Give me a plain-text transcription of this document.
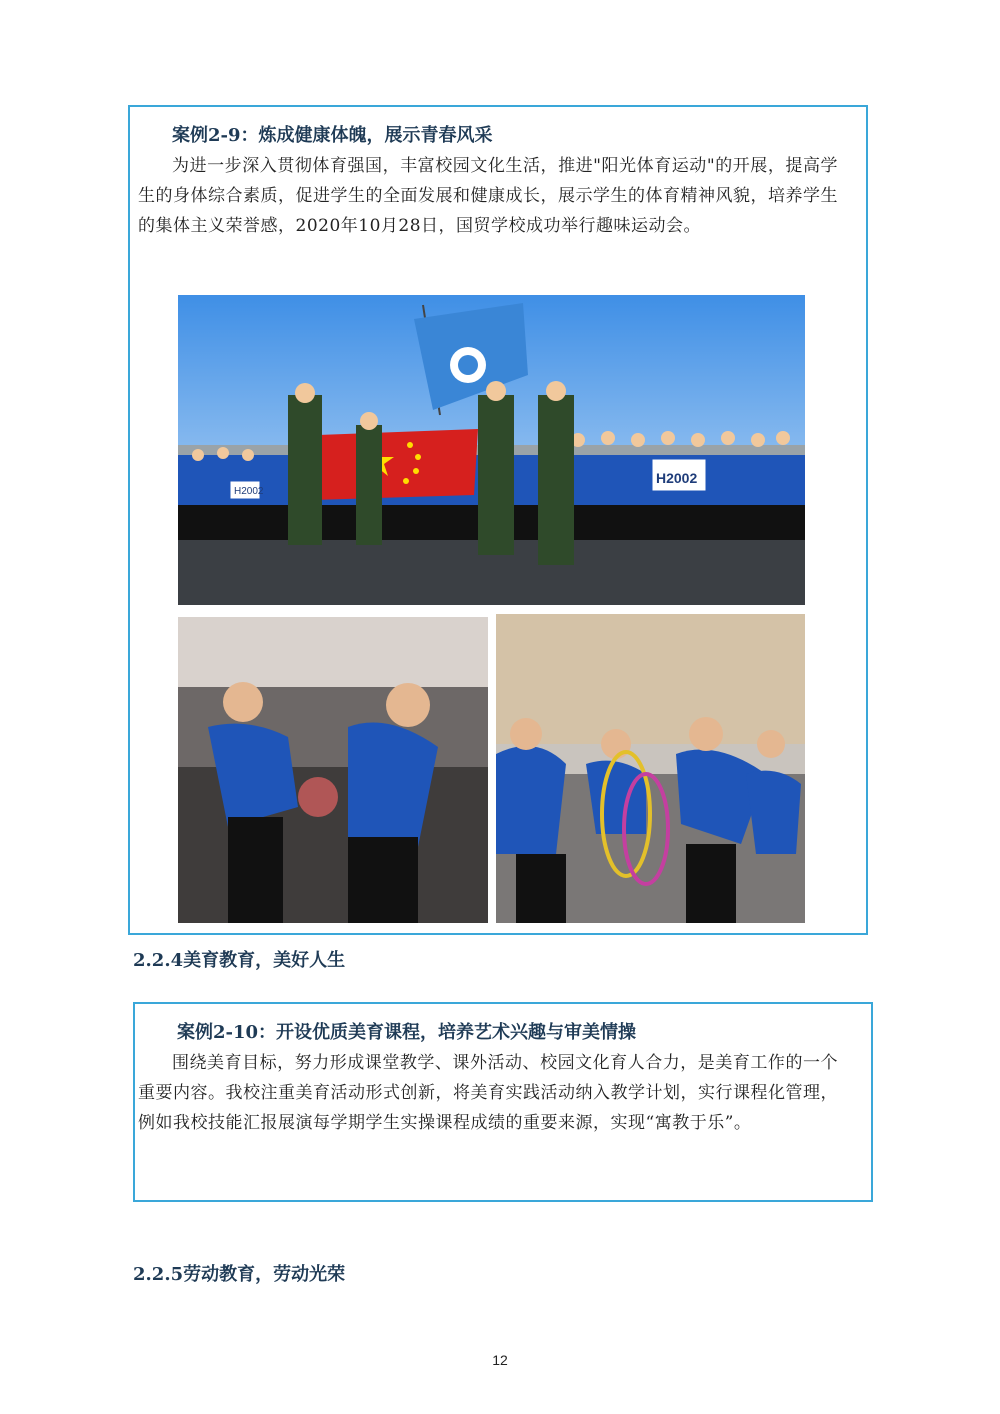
案例2-9：炼成健康体魄，展示青春风采

为进一步深入贯彻体育强国，丰富校园文化生活，推进"阳光体育运动"的开展，提高学生的身体综合素质，促进学生的全面发展和健康成长，展示学生的体育精神风貌，培养学生的集体主义荣誉感，2020年10月28日，国贸学校成功举行趣味运动会。

H2002
H2002
2.2.4美育教育，美好人生
案例2-10：开设优质美育课程，培养艺术兴趣与审美情操

围绕美育目标，努力形成课堂教学、课外活动、校园文化育人合力，是美育工作的一个重要内容。我校注重美育活动形式创新，将美育实践活动纳入教学计划，实行课程化管理，例如我校技能汇报展演每学期学生实操课程成绩的重要来源，实现“寓教于乐”。

2.2.5劳动教育，劳动光荣
12
